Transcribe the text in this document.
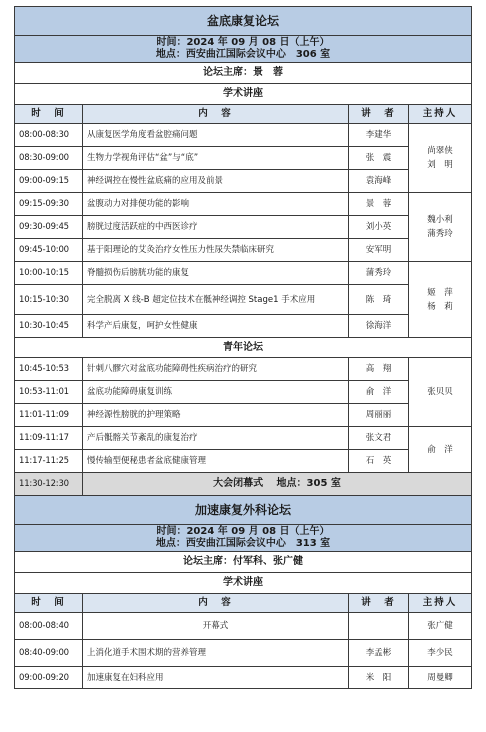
盆底康复论坛			

时间：2024 年 09 月 08 日（上午）
地点：西安曲江国际会议中心　306 室			

论坛主席：景　蓉			
学术讲座			
时　间	内　容	讲　者	主持人
08:00-08:30	从康复医学角度看盆腔痛问题	李建华	尚翠侠
刘　明

08:30-09:00	生物力学视角评估“盆”与“底”	张　震	
09:00-09:15	神经调控在慢性盆底痛的应用及前景	袁海峰	
09:15-09:30	盆腹动力对排便功能的影响	景　蓉	魏小利
蒲秀玲

09:30-09:45	膀胱过度活跃症的中西医诊疗	刘小英	
09:45-10:00	基于阳理论的艾灸治疗女性压力性尿失禁临床研究	安军明	
10:00-10:15	脊髓损伤后膀胱功能的康复	蒲秀玲	姬　萍
杨　莉

10:15-10:30	完全脱离 X 线-B 超定位技术在骶神经调控 Stage1 手术应用	陈　琦	
10:30-10:45	科学产后康复，呵护女性健康	徐海洋	
青年论坛			
10:45-10:53	针刺八髎穴对盆底功能障碍性疾病治疗的研究	高　翔	张贝贝

10:53-11:01	盆底功能障碍康复训练	俞　洋	
11:01-11:09	神经源性膀胱的护理策略	周丽丽	
11:09-11:17	产后骶髂关节紊乱的康复治疗	张文君	俞　洋

11:17-11:25	慢传输型便秘患者盆底健康管理	石　英	
11:30-12:30	大会闭幕式　 地点：305 室		
加速康复外科论坛			

时间：2024 年 09 月 08 日（上午）
地点：西安曲江国际会议中心　313 室			

论坛主席：付军科、张广健			
学术讲座			
时　间	内　容	讲　者	主持人
08:00-08:40	开幕式		张广健
08:40-09:00	上消化道手术围术期的营养管理	李孟彬	李少民
09:00-09:20	加速康复在妇科应用	米　阳	周曼卿
